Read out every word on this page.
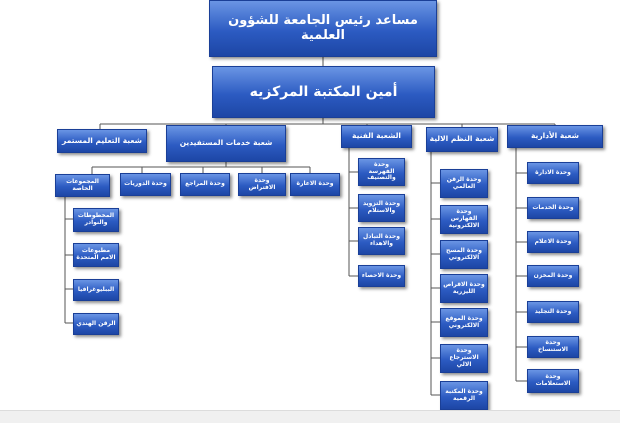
مساعد رئيس الجامعة للشؤون العلمية
أمين المكتبة المركزيه
شعبة الأدارية
شعبة النظم الالية
الشعبة الفنية
شعبة خدمات المستفيدين
شعبة التعليم المستمر
وحدة الادارة
وحدة الخدمات
وحدة الاعلام
وحدة المخزن
وحدة التجليد
وحدة الاستنساخ
وحدة الاستعلامات
وحدة الرقن العالمي
وحدة الفهارس الالكترونية
وحدة المسح الالكتروني
وحدة الاقراص الليزرية
وحدة الموقع الالكتروني
وحدة الاسترجاع الالي
وحدة المكتبة الرقمية
وحدة الفهرسة والتصنيف
وحدة التزويد والاستلام
وحدة التبادل والاهداء
وحدة الاحصاء
وحدة الاعارة
وحدة الافتراض
وحدة المراجع
وحدة الدوريات
المجموعات الخاصة
المخطوطات والنوادر
مطبوعات الامم المتحدة
الببليوغرافيا
الرقن الهندي
